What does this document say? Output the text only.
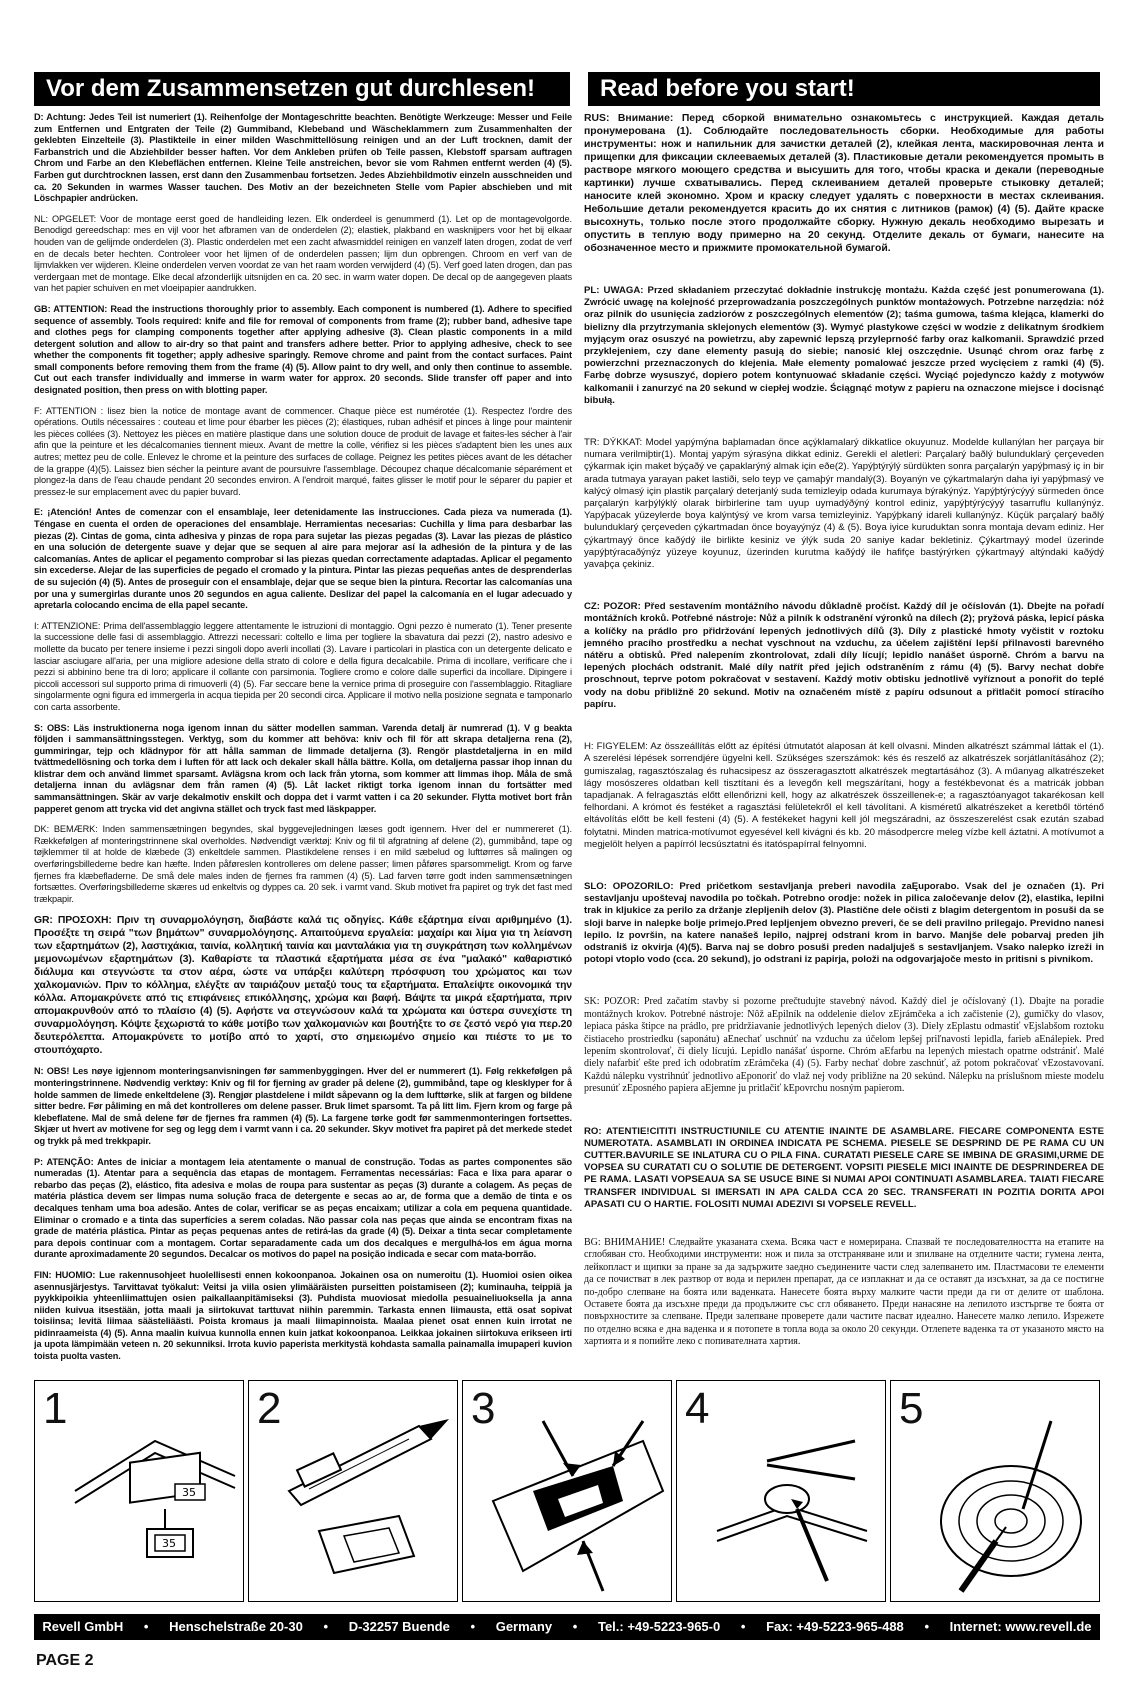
Vor dem Zusammensetzen gut durchlesen!	Read before you start!

D: Achtung: Jedes Teil ist numeriert (1). Reihenfolge der Montageschritte beachten. Benötigte Werkzeuge: Messer und Feile zum Entfernen und Entgraten der Teile (2) Gummiband, Klebeband und Wäscheklammern zum Zusammenhalten der geklebten Einzelteile (3). Plastikteile in einer milden Waschmittellösung reinigen und an der Luft trocknen, damit der Farbanstrich und die Abziehbilder besser haften. Vor dem Ankleben prüfen ob Teile passen, Klebstoff sparsam auftragen Chrom und Farbe an den Klebeflächen entfernen. Kleine Teile anstreichen, bevor sie vom Rahmen entfernt werden (4) (5). Farben gut durchtrocknen lassen, erst dann den Zusammenbau fortsetzen. Jedes Abziehbildmotiv einzeln ausschneiden und ca. 20 Sekunden in warmes Wasser tauchen. Des Motiv an der bezeichneten Stelle vom Papier abschieben und mit Löschpapier andrücken.

NL: OPGELET: Voor de montage eerst goed de handleiding lezen. Elk onderdeel is genummerd (1). Let op de montagevolgorde. Benodigd gereedschap: mes en vijl voor het afbramen van de onderdelen (2); elastiek, plakband en wasknijpers voor het bij elkaar houden van de gelijmde onderdelen (3). Plastic onderdelen met een zacht afwasmiddel reinigen en vanzelf laten drogen, zodat de verf en de decals beter hechten. Controleer voor het lijmen of de onderdelen passen; lijm dun opbrengen. Chroom en verf van de lijmvlakken ver wijderen. Kleine onderdelen verven voordat ze van het raam worden verwijderd (4) (5). Verf goed laten drogen, dan pas verdergaan met de montage. Elke decal afzonderlijk uitsnijden en ca. 20 sec. in warm water dopen. De decal op de aangegeven plaats van het papier schuiven en met vloeipapier aandrukken.

GB: ATTENTION: Read the instructions thoroughly prior to assembly. Each component is numbered (1). Adhere to specified sequence of assembly. Tools required: knife and file for removal of components from frame (2); rubber band, adhesive tape and clothes pegs for clamping components together after applying adhesive (3). Clean plastic components in a mild detergent solution and allow to air-dry so that paint and transfers adhere better. Prior to applying adhesive, check to see whether the components fit together; apply adhesive sparingly. Remove chrome and paint from the contact surfaces. Paint small components before removing them from the frame (4) (5). Allow paint to dry well, and only then continue to assemble. Cut out each transfer individually and immerse in warm water for approx. 20 seconds. Slide transfer off paper and into designated position, then press on with blotting paper.

F: ATTENTION : lisez bien la notice de montage avant de commencer. Chaque pièce est numérotée (1). Respectez l'ordre des opérations. Outils nécessaires : couteau et lime pour ébarber les pièces (2); élastiques, ruban adhésif et pinces à linge pour maintenir les pièces collées (3). Nettoyez les pièces en matière plastique dans une solution douce de produit de lavage et faites-les sécher à l'air afin que la peinture et les décalcomanies tiennent mieux. Avant de mettre la colle, vérifiez si les pièces s'adaptent bien les unes aux autres; mettez peu de colle. Enlevez le chrome et la peinture des surfaces de collage. Peignez les petites pièces avant de les détacher de la grappe (4)(5). Laissez bien sécher la peinture avant de poursuivre l'assemblage. Découpez chaque décalcomanie séparément et plongez-la dans de l'eau chaude pendant 20 secondes environ. A l'endroit marqué, faites glisser le motif pour le séparer du papier et pressez-le sur emplacement avec du papier buvard.

E: ¡Atención! Antes de comenzar con el ensamblaje, leer detenidamente las instrucciones. Cada pieza va numerada (1). Téngase en cuenta el orden de operaciones del ensamblaje. Herramientas necesarias: Cuchilla y lima para desbarbar las piezas (2). Cintas de goma, cinta adhesiva y pinzas de ropa para sujetar las piezas pegadas (3). Lavar las piezas de plástico en una solución de detergente suave y dejar que se sequen al aire para mejorar así la adhesión de la pintura y de las calcomanías. Antes de aplicar el pegamento comprobar si las piezas quedan correctamente adaptadas. Aplicar el pegamento sin excederse. Alejar de las superficies de pegado el cromado y la pintura. Pintar las piezas pequeñas antes de desprenderlas de su sujeción (4) (5). Antes de proseguir con el ensamblaje, dejar que se seque bien la pintura. Recortar las calcomanías una por una y sumergirlas durante unos 20 segundos en agua caliente. Deslizar del papel la calcomanía en el lugar adecuado y apretarla colocando encima de ella papel secante.

I: ATTENZIONE: Prima dell'assemblaggio leggere attentamente le istruzioni di montaggio. Ogni pezzo è numerato (1). Tener presente la successione delle fasi di assemblaggio. Attrezzi necessari: coltello e lima per togliere la sbavatura dai pezzi (2), nastro adesivo e mollette da bucato per tenere insieme i pezzi singoli dopo averli incollati (3). Lavare i particolari in plastica con un detergente delicato e lasciar asciugare all'aria, per una migliore adesione della strato di colore e della figura decalcabile. Prima di incollare, verificare che i pezzi si abbinino bene tra di loro; applicare il collante con parsimonia. Togliere cromo e colore dalle superfici da incollare. Dipingere i piccoli accessori sul supporto prima di rimuoverli (4) (5). Far seccare bene la vernice prima di proseguire con l'assemblaggio. Ritagliare singolarmente ogni figura ed immergerla in acqua tiepida per 20 secondi circa. Applicare il motivo nella posizione segnata e tamponarlo con carta assorbente.

S: OBS: Läs instruktionerna noga igenom innan du sätter modellen samman. Varenda detalj är numrerad (1). V g beakta följden i sammansättningsstegen. Verktyg, som du kommer att behöva: kniv och fil för att skrapa detaljerna rena (2), gummiringar, tejp och klädnypor för att hålla samman de limmade detaljerna (3). Rengör plastdetaljerna in en mild tvättmedellösning och torka dem i luften för att lack och dekaler skall hålla bättre. Kolla, om detaljerna passar ihop innan du klistrar dem och använd limmet sparsamt. Avlägsna krom och lack från ytorna, som kommer att limmas ihop. Måla de små detaljerna innan du avlägsnar dem från ramen (4) (5). Låt lacket riktigt torka igenom innan du fortsätter med sammansättningen. Skär av varje dekalmotiv enskilt och doppa det i varmt vatten i ca 20 sekunder. Flytta motivet bort från papperet genom att trycka vid det angivna stället och tryck fast med läskpapper.

DK: BEMÆRK: Inden sammensætningen begyndes, skal byggevejledningen læses godt igennem. Hver del er nummereret (1). Rækkefølgen af monteringstrinnene skal overholdes. Nødvendigt værktøj: Kniv og fil til afgratning af delene (2), gummibånd, tape og tøjklemmer til at holde de klæbede (3) enkeltdele sammen. Plastikdelene renses i en mild sæbelud og lufttørres så malingen og overføringsbillederne bedre kan hæfte. Inden påføreslen kontrolleres om delene passer; limen påføres sparsommeligt. Krom og farve fjernes fra klæbefladerne. De små dele males inden de fjernes fra rammen (4) (5). Lad farven tørre godt inden sammensætningen fortsættes. Overføringsbillederne skæres ud enkeltvis og dyppes ca. 20 sek. i varmt vand. Skub motivet fra papiret og tryk det fast med trækpapir.

GR: ΠΡΟΣΟΧΗ: Πριν τη συναρμολόγηση, διαβάστε καλά τις οδηγίες. Κάθε εξάρτημα είναι αριθμημένο (1). Προσέξτε τη σειρά "των βημάτων" συναρμολόγησης. Απαιτούμενα εργαλεία: μαχαίρι και λίμα για τη λείανση των εξαρτημάτων (2), λαστιχάκια, ταινία, κολλητική ταινία και μανταλάκια για τη συγκράτηση των κολλημένων μεμονωμένων εξαρτημάτων (3). Καθαρίστε τα πλαστικά εξαρτήματα μέσα σε ένα "μαλακό" καθαριστικό διάλυμα και στεγνώστε τα στον αέρα, ώστε να υπάρξει καλύτερη πρόσφυση του χρώματος και των χαλκομανιών. Πριν το κόλλημα, ελέγξτε αν ταιριάζουν μεταξύ τους τα εξαρτήματα. Επαλείψτε οικονομικά την κόλλα. Απομακρύνετε από τις επιφάνειες επικόλλησης, χρώμα και βαφή. Βάψτε τα μικρά εξαρτήματα, πριν απομακρυνθούν από το πλαίσιο (4) (5). Αφήστε να στεγνώσουν καλά τα χρώματα και ύστερα συνεχίστε τη συναρμολόγηση. Κόψτε ξεχωριστά το κάθε μοτίβο των χαλκομανιών και βουτήξτε το σε ζεστό νερό για περ.20 δευτερόλεπτα. Απομακρύνετε το μοτίβο από το χαρτί, στο σημειωμένο σημείο και πιέστε το με το στουπόχαρτο.

N: OBS! Les nøye igjennom monteringsanvisningen før sammenbyggingen. Hver del er nummerert (1). Følg rekkefølgen på monteringstrinnene. Nødvendig verktøy: Kniv og fil for fjerning av grader på delene (2), gummibånd, tape og klesklyper for å holde sammen de limede enkeltdelene (3). Rengjør plastdelene i mildt såpevann og la dem lufttørke, slik at fargen og bildene sitter bedre. Før påliming en må det kontrolleres om delene passer. Bruk limet sparsomt. Ta på litt lim. Fjern krom og farge på klebeflatene. Mal de små delene før de fjernes fra rammen (4) (5). La fargene tørke godt før sammenmonteringen fortsettes. Skjær ut hvert av motivene for seg og legg dem i varmt vann i ca. 20 sekunder. Skyv motivet fra papiret på det merkede stedet og trykk på med trekkpapir.

P: ATENÇÃO: Antes de iniciar a montagem leia atentamente o manual de construção. Todas as partes componentes são numeradas (1). Atentar para a sequência das etapas de montagem. Ferramentas necessárias: Faca e lixa para aparar o rebarbo das peças (2), elástico, fita adesiva e molas de roupa para sustentar as peças (3) durante a colagem. As peças de matéria plástica devem ser limpas numa solução fraca de detergente e secas ao ar, de forma que a demão de tinta e os decalques tenham uma boa adesão. Antes de colar, verificar se as peças encaixam; utilizar a cola em pequena quantidade. Eliminar o cromado e a tinta das superfícies a serem coladas. Não passar cola nas peças que ainda se encontram fixas na grade de matéria plástica. Pintar as peças pequenas antes de retirá-las da grade (4) (5). Deixar a tinta secar completamente para depois continuar com a montagem. Cortar separadamente cada um dos decalques e mergulhá-los em água morna durante aproximadamente 20 segundos. Decalcar os motivos do papel na posição indicada e secar com mata-borrão.

FIN: HUOMIO: Lue rakennusohjeet huolellisesti ennen kokoonpanoa. Jokainen osa on numeroitu (1). Huomioi osien oikea asennusjärjestys. Tarvittavat työkalut: Veitsi ja viila osien ylimääräisten purseitten poistamiseen (2); kuminauha, teippiä ja pyykkipoikia yhteenliimattujen osien paikallaanpitämiseksi (3). Puhdista muoviosat miedolla pesuaineliuoksella ja anna niiden kuivua itsestään, jotta maali ja siirtokuvat tarttuvat niihin paremmin. Tarkasta ennen liimausta, että osat sopivat toisiinsa; levitä liimaa säästeliäästi. Poista kromaus ja maali liimapinnoista. Maalaa pienet osat ennen kuin irrotat ne pidinraameista (4) (5). Anna maalin kuivua kunnolla ennen kuin jatkat kokoonpanoa. Leikkaa jokainen siirtokuva erikseen irti ja upota lämpimään veteen n. 20 sekunniksi. Irrota kuvio paperista merkitystä kohdasta samalla painamalla imupaperi kuvion toista puolta vasten.

RUS: Внимание: Перед сборкой внимательно ознакомьтесь с инструкцией. Каждая деталь пронумерована (1). Соблюдайте последовательность сборки. Необходимые для работы инструменты: нож и напильник для зачистки деталей (2), клейкая лента, маскировочная лента и прищепки для фиксации склееваемых деталей (3). Пластиковые детали рекомендуется промыть в растворе мягкого моющего средства и высушить для того, чтобы краска и декали (переводные картинки) лучше схватывались. Перед склеиванием деталей проверьте стыковку деталей; наносите клей экономно. Хром и краску следует удалять с поверхности в местах склеивания. Небольшие детали рекомендуется красить до их снятия с литников (рамок) (4) (5). Дайте краске высохнуть, только после этого продолжайте сборку. Нужную декаль необходимо вырезать и опустить в теплую воду примерно на 20 секунд. Отделите декаль от бумаги, нанесите на обозначенное место и прижмите промокательной бумагой.

PL: UWAGA: Przed składaniem przeczytać dokładnie instrukcję montażu. Każda część jest ponumerowana (1). Zwrócić uwagę na kolejność przeprowadzania poszczególnych punktów montażowych. Potrzebne narzędzia: nóż oraz pilnik do usunięcia zadziorów z poszczególnych elementów (2); taśma gumowa, taśma klejąca, klamerki do bielizny dla przytrzymania sklejonych elementów (3). Wymyć plastykowe części w wodzie z delikatnym środkiem myjącym oraz osuszyć na powietrzu, aby zapewnić lepszą przyleprność farby oraz kalkomanii. Sprawdzić przed przyklejeniem, czy dane elementy pasują do siebie; nanosić klej oszczędnie. Usunąć chrom oraz farbę z powierzchni przeznaczonych do klejenia. Małe elementy pomalować jeszcze przed wycięciem z ramki (4) (5). Farbę dobrze wysuszyć, dopiero potem kontynuować składanie części. Wyciąć pojedynczo każdy z motywów kalkomanii i zanurzyć na 20 sekund w ciepłej wodzie. Ściągnąć motyw z papieru na oznaczone miejsce i docisnąć bibułą.

TR: DÝKKAT: Model yapýmýna baþlamadan önce açýklamalarý dikkatlice okuyunuz. Modelde kullanýlan her parçaya bir numara verilmiþtir(1). Montaj yapým sýrasýna dikkat ediniz. Gerekli el aletleri: Parçalarý baðlý bulunduklarý çerçeveden çýkarmak için maket býçaðý ve çapaklarýný almak için eðe(2). Yapýþtýrýlý sürdükten sonra parçalarýn yapýþmasý iç in bir arada tutmaya yarayan paket lastiði, selo teyp ve çamaþýr mandalý(3). Boyanýn ve çýkartmalarýn daha iyi yapýþmasý ve kalýcý olmasý için plastik parçalarý deterjanlý suda temizleyip odada kurumaya býrakýnýz. Yapýþtýrýcýyý sürmeden önce parçalarýn karþýlýklý olarak birbirlerine tam uyup uymadýðýný kontrol ediniz, yapýþtýrýcýyý tasarruflu kullanýnýz. Yapýþacak yüzeylerde boya kalýntýsý ve krom varsa temizleyiniz. Yapýþkaný idareli kullanýnýz. Küçük parçalarý baðlý bulunduklarý çerçeveden çýkartmadan önce boyayýnýz (4) & (5). Boya iyice kuruduktan sonra montaja devam ediniz. Her çýkartmayý önce kaðýdý ile birlikte kesiniz ve ýlýk suda 20 saniye kadar bekletiniz. Çýkartmayý model üzerinde yapýþtýracaðýnýz yüzeye koyunuz, üzerinden kurutma kaðýdý ile hafifçe bastýrýrken çýkartmayý altýndaki kaðýdý yavaþça çekiniz.

CZ: POZOR: Před sestavením montážního návodu důkladně pročíst. Každý díl je očíslován (1). Dbejte na pořadí montážních kroků. Potřebné nástroje: Nůž a pilník k odstranění výronků na dílech (2); pryžová páska, lepicí páska a kolíčky na prádlo pro přidržování lepených jednotlivých dílů (3). Díly z plastické hmoty vyčistit v roztoku jemného pracího prostředku a nechat vyschnout na vzduchu, za účelem zajištění lepší přilnavosti barevného nátěru a obtisků. Před nalepením zkontrolovat, zdali díly lícují; lepidlo nanášet úsporně. Chróm a barvu na lepených plochách odstranit. Malé díly natřít před jejich odstraněním z rámu (4) (5). Barvy nechat dobře proschnout, teprve potom pokračovat v sestavení. Každý motiv obtisku jednotlivě vyříznout a ponořit do teplé vody na dobu přibližně 20 sekund. Motiv na označeném místě z papíru odsunout a přitlačit pomocí stíracího papíru.

H: FIGYELEM: Az összeállítás előtt az építési útmutatót alaposan át kell olvasni. Minden alkatrészt számmal láttak el (1). A szerelési lépések sorrendjére ügyelni kell. Szükséges szerszámok: kés és reszelő az alkatrészek sorjátlanításához (2); gumiszalag, ragasztószalag és ruhacsipesz az összeragasztott alkatrészek megtartásához (3). A műanyag alkatrészeket lágy mosószeres oldatban kell tisztítani és a levegőn kell megszárítani, hogy a festékbevonat és a matricák jobban tapadjanak. A felragasztás előtt ellenőrizni kell, hogy az alkatrészek összeillenek-e; a ragasztóanyagot takarékosan kell felhordani. A krómot és festéket a ragasztási felületekről el kell távolítani. A kisméretű alkatrészeket a keretből történő eltávolítás előtt be kell festeni (4) (5). A festékeket hagyni kell jól megszáradni, az összeszerelést csak ezután szabad folytatni. Minden matrica-motívumot egyesével kell kivágni és kb. 20 másodpercre meleg vízbe kell áztatni. A motívumot a megjelölt helyen a papírról lecsúsztatni és itatóspapírral felnyomni.

SLO: OPOZORILO: Pred pričetkom sestavljanja preberi navodila zaĘuporabo. Vsak del je označen (1). Pri sestavljanju upoštevaj navodila po točkah. Potrebno orodje: nožek in pilica zaločevanje delov (2), elastika, lepilni trak in kljukice za perilo za držanje zlepljenih delov (3). Plastične dele očisti z blagim detergentom in posuši da se sloji barve in nalepke bolje primejo.Pred lepljenjem obvezno preveri, če se deli pravilno prilegajo. Previdno nanesi lepilo. Iz površin, na katere nanašeš lepilo, najprej odstrani krom in barvo. Manjše dele pobarvaj preden jih odstraniš iz okvirja (4)(5). Barva naj se dobro posuši preden nadaljuješ s sestavljanjem. Vsako nalepko izreži in potopi vtoplo vodo (cca. 20 sekund), jo odstrani iz papirja, položi na odgovarjajoče mesto in pritisni s pivnikom.

SK: POZOR: Pred začatím stavby si pozorne prečtudujte stavebný návod. Každý diel je očíslovaný (1). Dbajte na poradie montážnych krokov. Potrebné nástroje: Nôž aEpilník na oddelenie dielov zEjrámčeka a ich začistenie (2), gumičky do vlasov, lepiaca páska štipce na prádlo, pre pridržiavanie jednotlivých lepených dielov (3). Diely zEplastu odmastiť vEjslabšom roztoku čistiaceho prostriedku (saponátu) aEnechať uschnúť na vzduchu za účelom lepšej priľnavosti lepidla, farieb aEnálepiek. Pred lepením skontrolovať, či diely lícujú. Lepidlo nanášať úsporne. Chróm aEfarbu na lepených miestach opatrne odstrániť. Malé diely nafarbiť ešte pred ich odobratím zErámčeka (4) (5). Farby nechať dobre zaschnúť, až potom pokračovať vEzostavovaní. Každú nálepku vystrihnúť jednotlivo aEponoriť do vlaž nej vody približne na 20 sekúnd. Nálepku na príslušnom mieste modelu presunúť zEposného papiera aEjemne ju pritlačiť kEpovrchu nosným papierom.

RO: ATENTIE!CITITI INSTRUCTIUNILE CU ATENTIE INAINTE DE ASAMBLARE. FIECARE COMPONENTA ESTE NUMEROTATA. ASAMBLATI IN ORDINEA INDICATA PE SCHEMA. PIESELE SE DESPRIND DE PE RAMA CU UN CUTTER.BAVURILE SE INLATURA CU O PILA FINA. CURATATI PIESELE CARE SE IMBINA DE GRASIMI,URME DE VOPSEA SU CURATATI CU O SOLUTIE DE DETERGENT. VOPSITI PIESELE MICI INAINTE DE DESPRINDEREA DE PE RAMA. LASATI VOPSEAUA SA SE USUCE BINE SI NUMAI APOI CONTINUATI ASAMBLAREA. TAIATI FIECARE TRANSFER INDIVIDUAL SI IMERSATI IN APA CALDA CCA 20 SEC. TRANSFERATI IN POZITIA DORITA APOI APASATI CU O HARTIE. FOLOSITI NUMAI ADEZIVI SI VOPSELE REVELL.

BG: ВНИМАНИЕ! Следвайте указаната схема. Всяка част е номерирана. Спазвай те последователността на етапите на сглобяван сто. Необходими инструменти: нож и пила за отстраняване или и зпилване на отделните части; гумена лента, лейкопласт и щипки за пране за да задържите заедно съединените части след залепването им. Пластмасови те елементи да се почистват в лек разтвор от вода и перилен препарат, да се изплакнат и да се оставят да изсъхнат, за да се постигне по-добро слепване на боята или ваденката. Нанесете боята върху малките части преди да ги от делите от шаблона. Оставете боята да изсъхне преди да продължите със сгл обяването. Преди нанасяне на лепилото изстъргве те боята от повърхностите за слепване. Преди залепване проверете дали частите пасват идеално. Нанесете малко лепило. Изрежете по отделно всяка е дна ваденка и я потопете в топла вода за около 20 секунди. Отлепете ваденка та от указаното място на хартията и я попийте леко с попивателната хартия.

1
35
35
2	3	4	5
Revell GmbH	•	Henschelstraße 20-30	•	D-32257 Buende	•	Germany	•	Tel.: +49-5223-965-0	•	Fax: +49-5223-965-488	•	Internet: www.revell.de
PAGE 2
